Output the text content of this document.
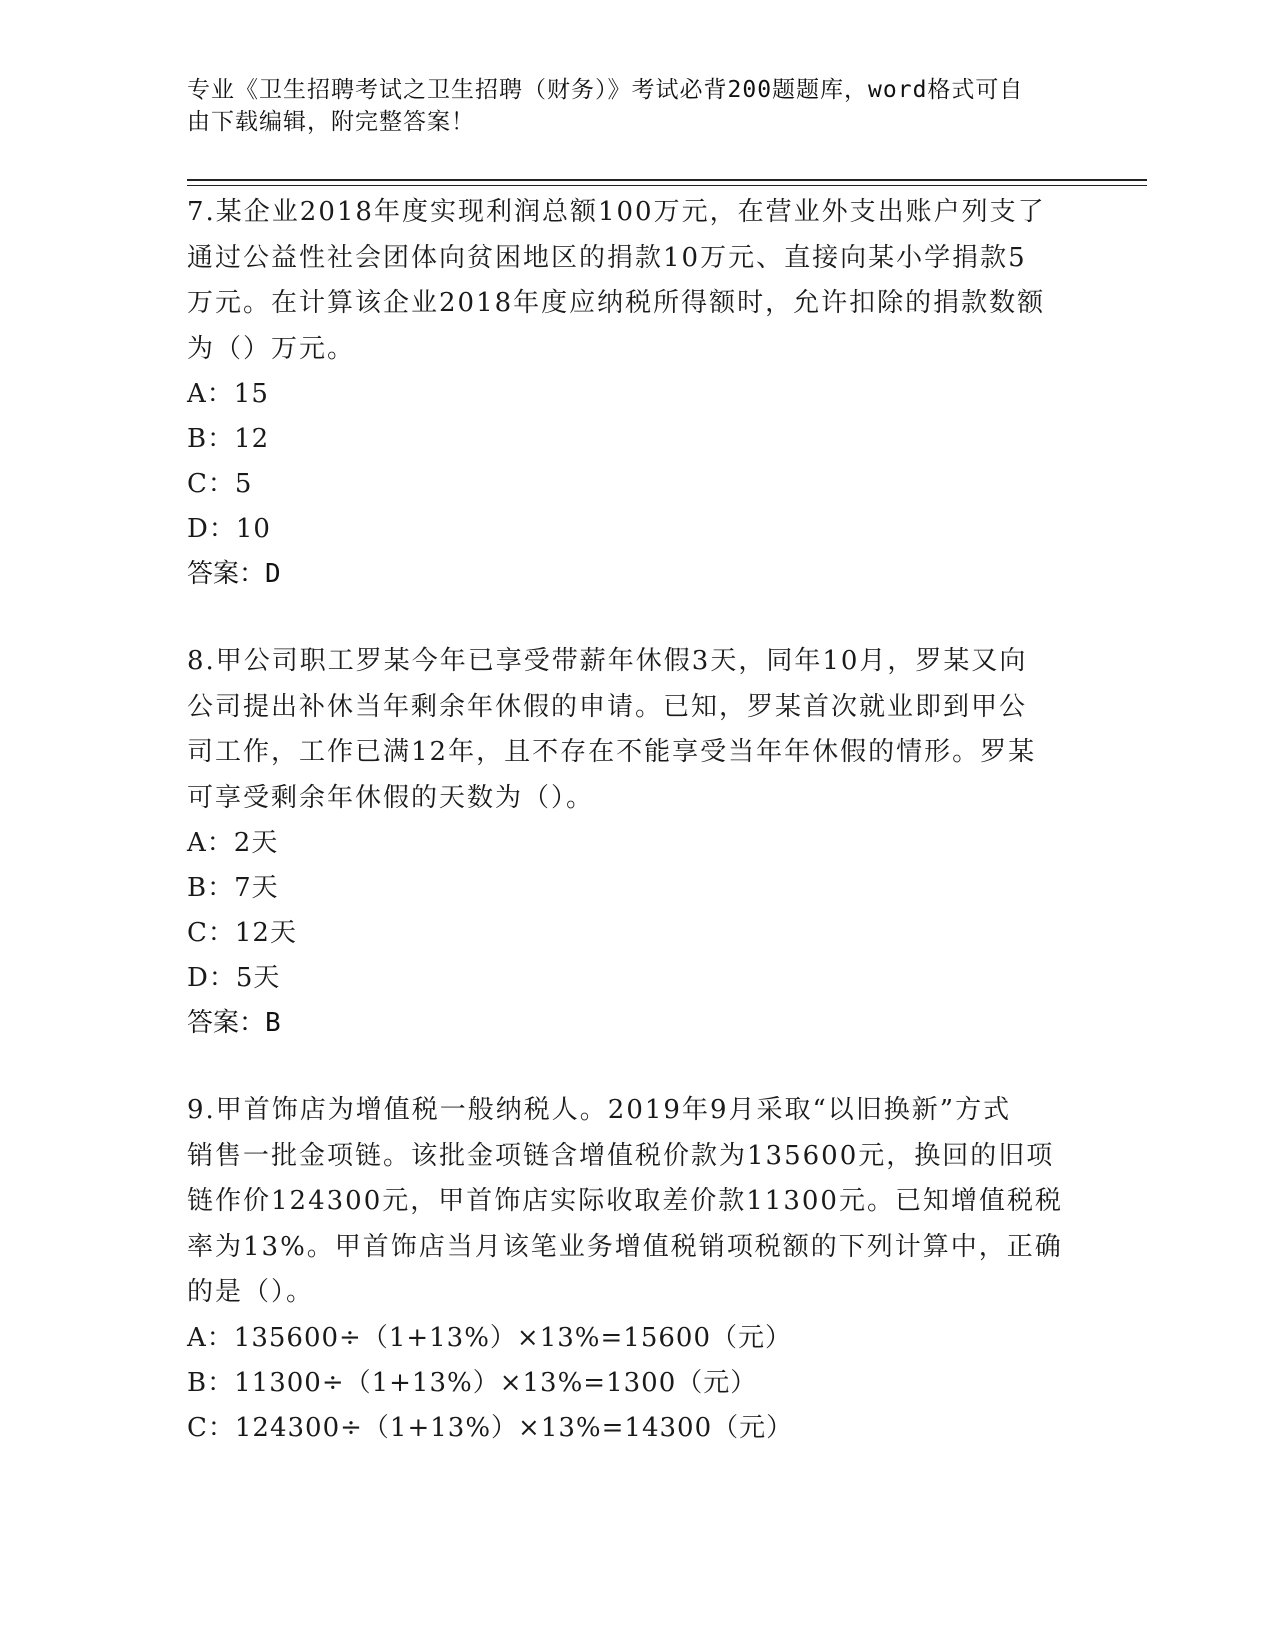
专业《卫生招聘考试之卫生招聘（财务）》考试必背200题题库，word格式可自
由下载编辑，附完整答案！

7.某企业2018年度实现利润总额100万元，在营业外支出账户列支了

通过公益性社会团体向贫困地区的捐款10万元、直接向某小学捐款5

万元。在计算该企业2018年度应纳税所得额时，允许扣除的捐款数额

为（）万元。

A：15

B：12

C：5

D：10

答案：D

8.甲公司职工罗某今年已享受带薪年休假3天，同年10月，罗某又向

公司提出补休当年剩余年休假的申请。已知，罗某首次就业即到甲公

司工作，工作已满12年，且不存在不能享受当年年休假的情形。罗某

可享受剩余年休假的天数为（）。

A：2天

B：7天

C：12天

D：5天

答案：B

9.甲首饰店为增值税一般纳税人。2019年9月采取“以旧换新”方式

销售一批金项链。该批金项链含增值税价款为135600元，换回的旧项

链作价124300元，甲首饰店实际收取差价款11300元。已知增值税税

率为13%。甲首饰店当月该笔业务增值税销项税额的下列计算中，正确

的是（）。

A：135600÷（1+13%）×13%=15600（元）

B：11300÷（1+13%）×13%=1300（元）

C：124300÷（1+13%）×13%=14300（元）
